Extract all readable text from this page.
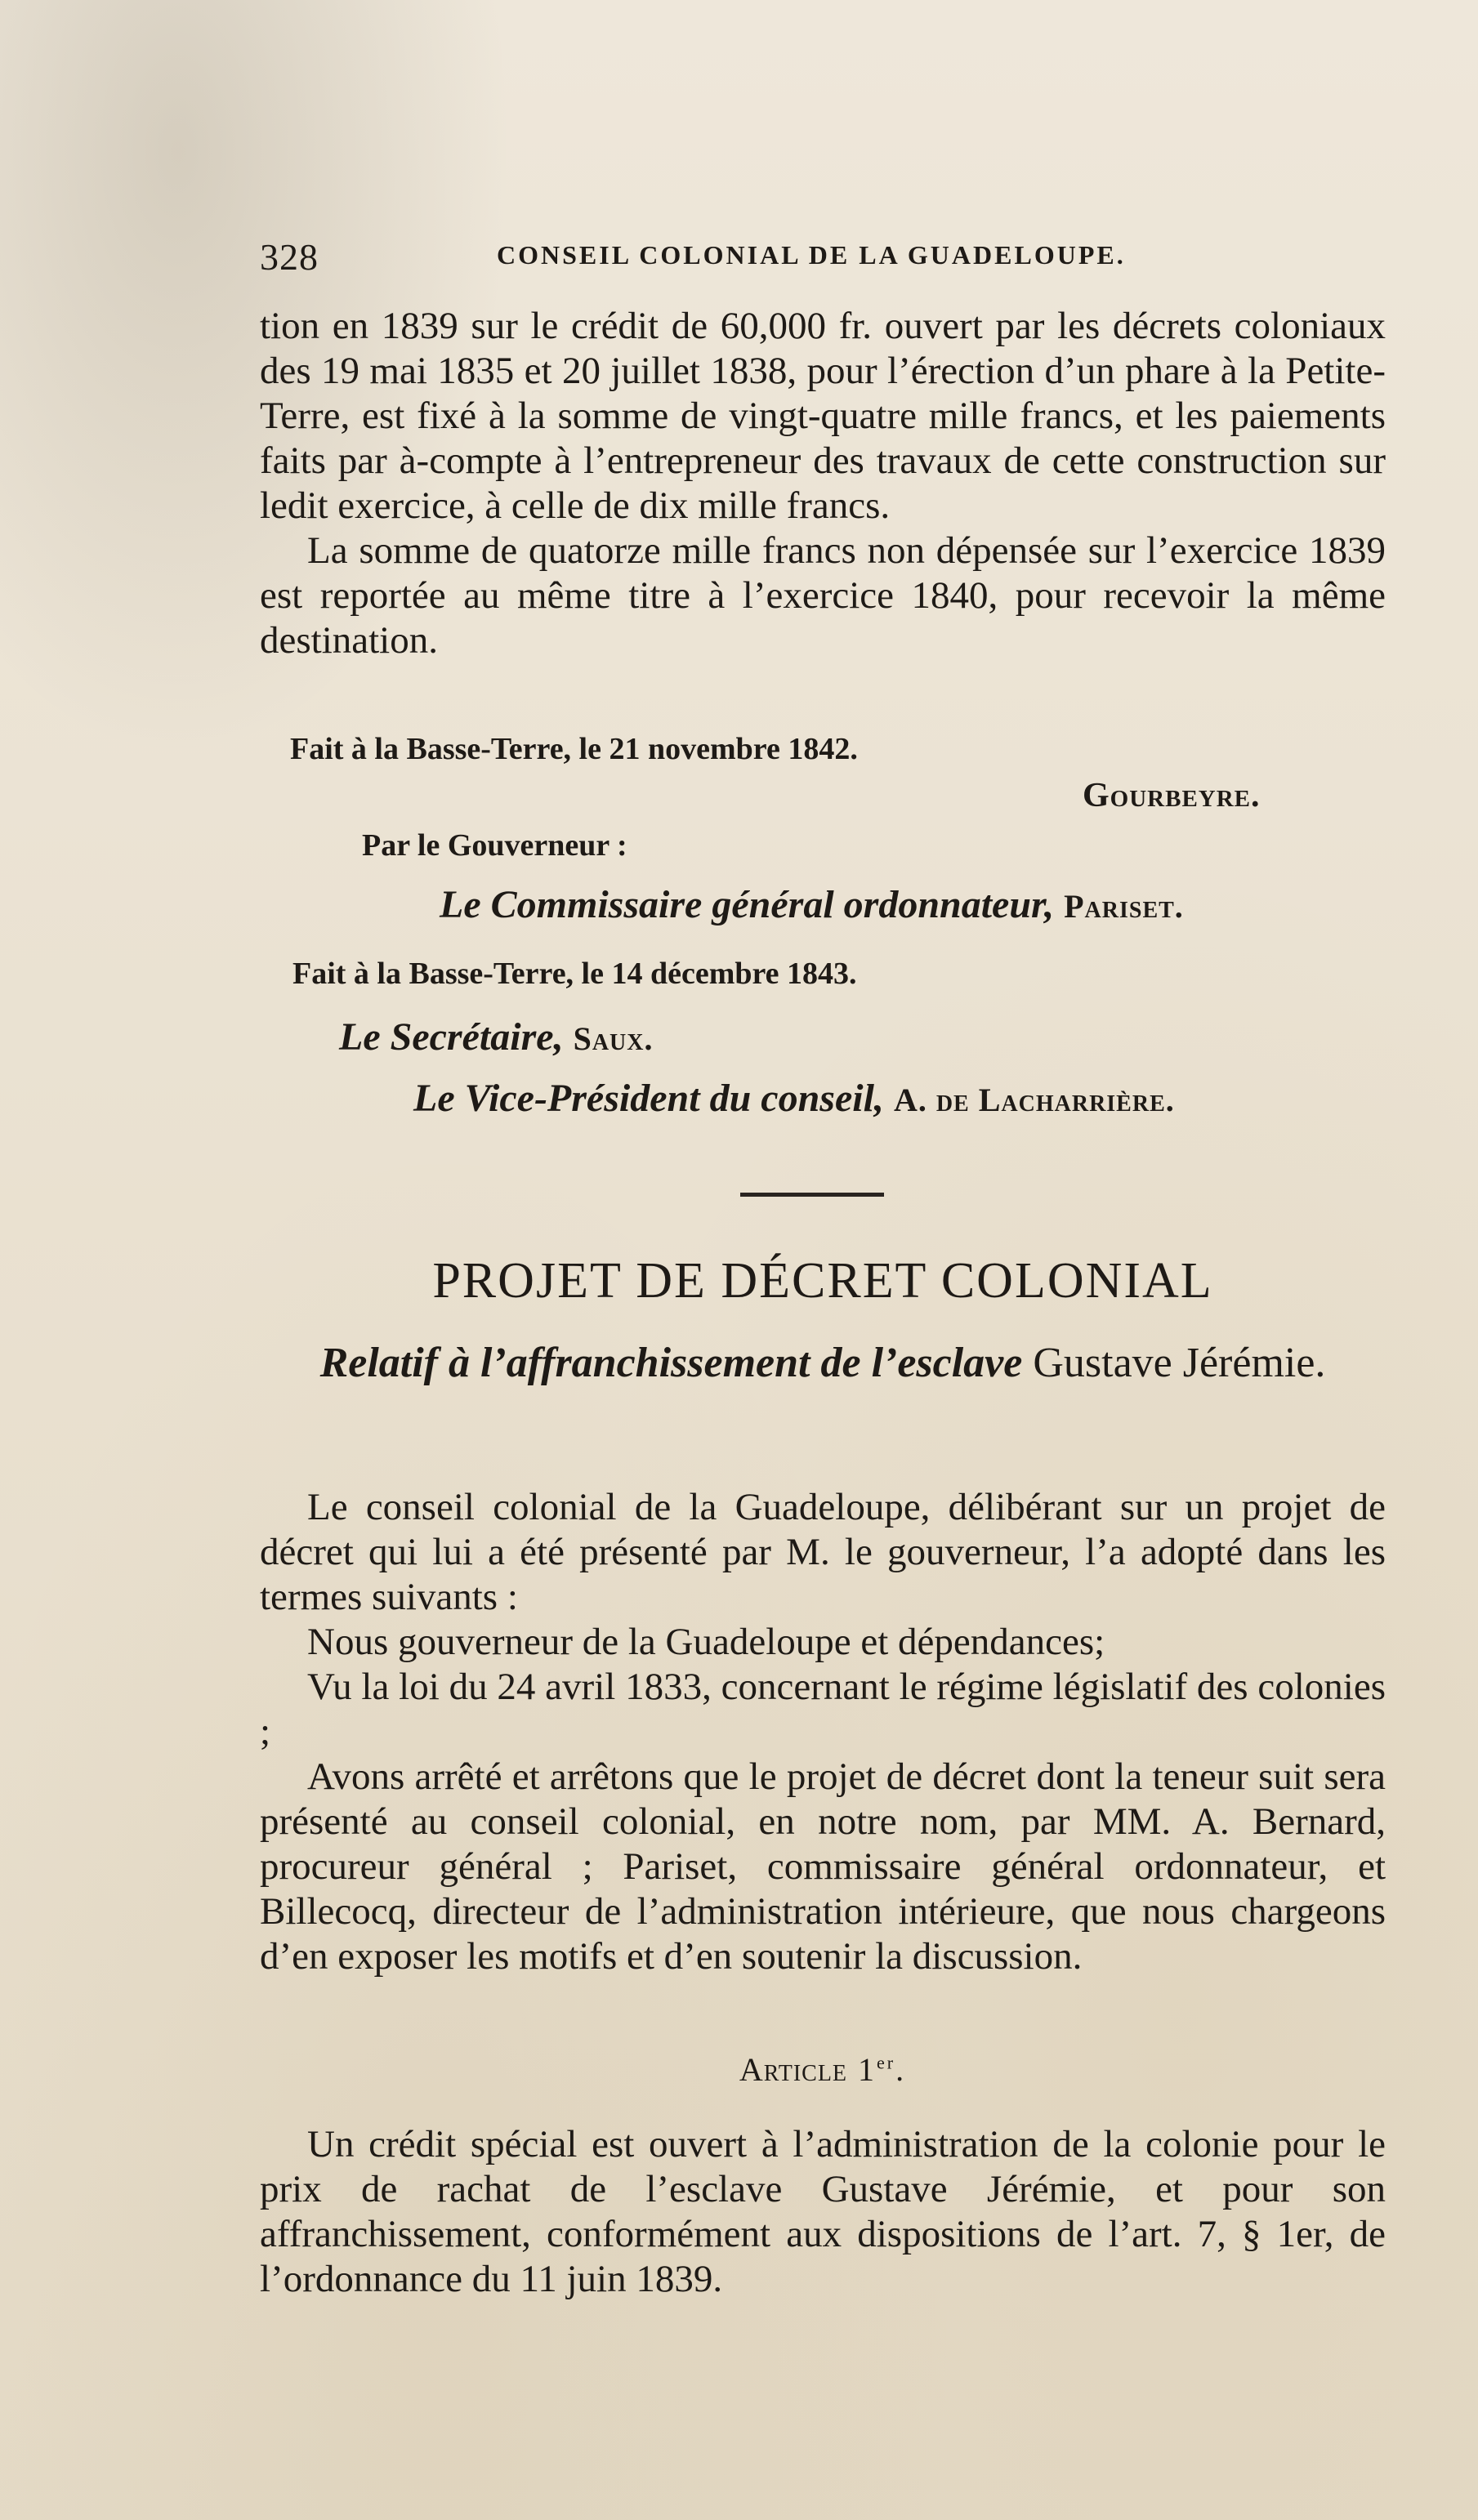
328	CONSEIL COLONIAL DE LA GUADELOUPE.

tion en 1839 sur le crédit de 60,000 fr. ouvert par les décrets coloniaux des 19 mai 1835 et 20 juillet 1838, pour l’érection d’un phare à la Petite-Terre, est fixé à la somme de vingt-quatre mille francs, et les paiements faits par à-compte à l’entrepreneur des travaux de cette construction sur ledit exercice, à celle de dix mille francs.

La somme de quatorze mille francs non dépensée sur l’exercice 1839 est reportée au même titre à l’exercice 1840, pour recevoir la même destination.

Fait à la Basse-Terre, le 21 novembre 1842.
Gourbeyre.
Par le Gouverneur :
Le Commissaire général ordonnateur, Pariset.
Fait à la Basse-Terre, le 14 décembre 1843.
Le Secrétaire, Saux.
Le Vice-Président du conseil, A. de Lacharrière.
PROJET DE DÉCRET COLONIAL
Relatif à l’affranchissement de l’esclave Gustave Jérémie.

Le conseil colonial de la Guadeloupe, délibérant sur un projet de décret qui lui a été présenté par M. le gouverneur, l’a adopté dans les termes suivants :

Nous gouverneur de la Guadeloupe et dépendances;

Vu la loi du 24 avril 1833, concernant le régime législatif des colonies ;

Avons arrêté et arrêtons que le projet de décret dont la teneur suit sera présenté au conseil colonial, en notre nom, par MM. A. Bernard, procureur général ; Pariset, commissaire général ordonnateur, et Billecocq, directeur de l’administration intérieure, que nous chargeons d’en exposer les motifs et d’en soutenir la discussion.

Article 1er.

Un crédit spécial est ouvert à l’administration de la colonie pour le prix de rachat de l’esclave Gustave Jérémie, et pour son affranchissement, conformément aux dispositions de l’art. 7, § 1er, de l’ordonnance du 11 juin 1839.
